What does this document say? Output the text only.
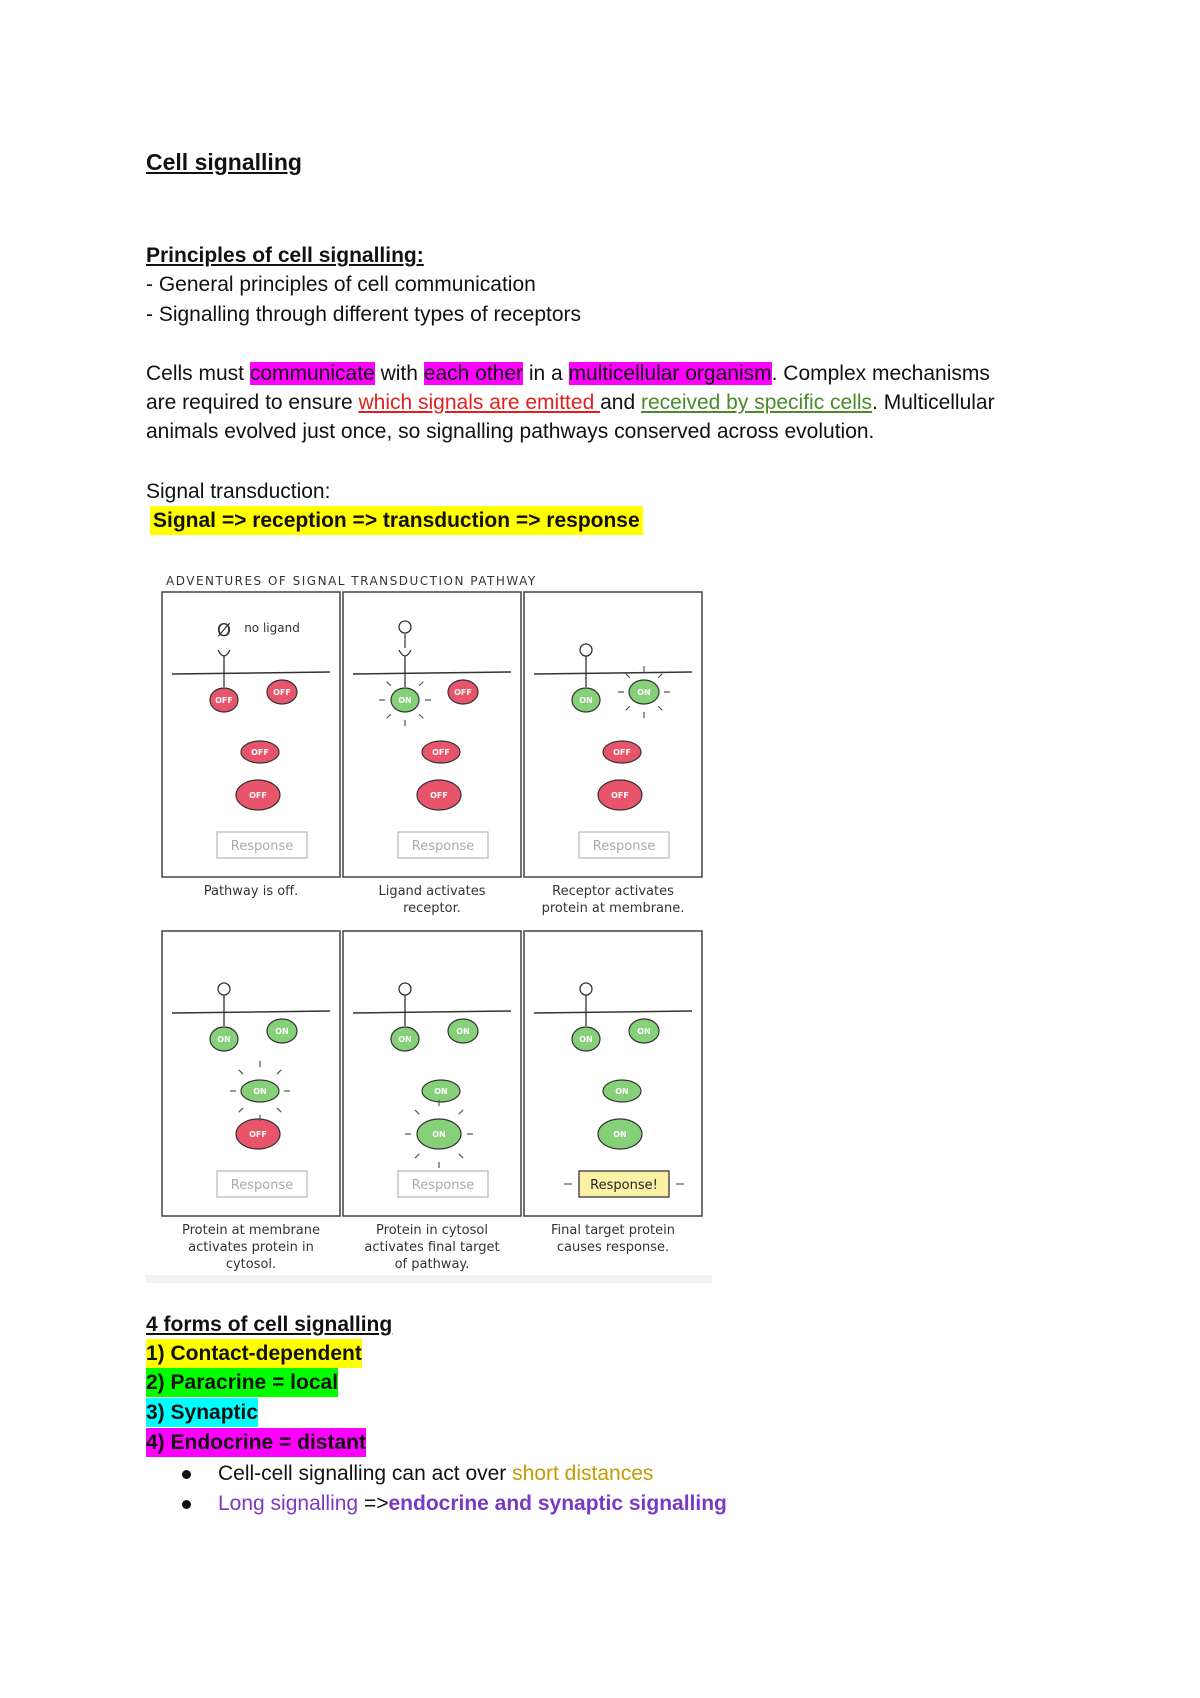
Cell signalling
Principles of cell signalling:
- General principles of cell communication
- Signalling through different types of receptors
Cells must communicate with each other in a multicellular organism. Complex mechanisms
are required to ensure which signals are emitted and received by specific cells. Multicellular
animals evolved just once, so signalling pathways conserved across evolution.
Signal transduction:
Signal => reception => transduction => response
ADVENTURES OF SIGNAL TRANSDUCTION PATHWAY
Ø no ligand
OFF
OFF
OFF
OFF
Response
Pathway is off.
ON
OFF
OFF
OFF
Response
Ligand activates
receptor.
ON
ON
OFF
OFF
Response
Receptor activates
protein at membrane.
ON
ON
ON
OFF
Response
Protein at membrane
activates protein in
cytosol.
ON
ON
ON
ON
Response
Protein in cytosol
activates final target
of pathway.
ON
ON
ON
ON
Response!
Final target protein
causes response.
4 forms of cell signalling
1) Contact-dependent
2) Paracrine = local
3) Synaptic
4) Endocrine = distant
Cell-cell signalling can act over short distances
Long signalling =>endocrine and synaptic signalling
